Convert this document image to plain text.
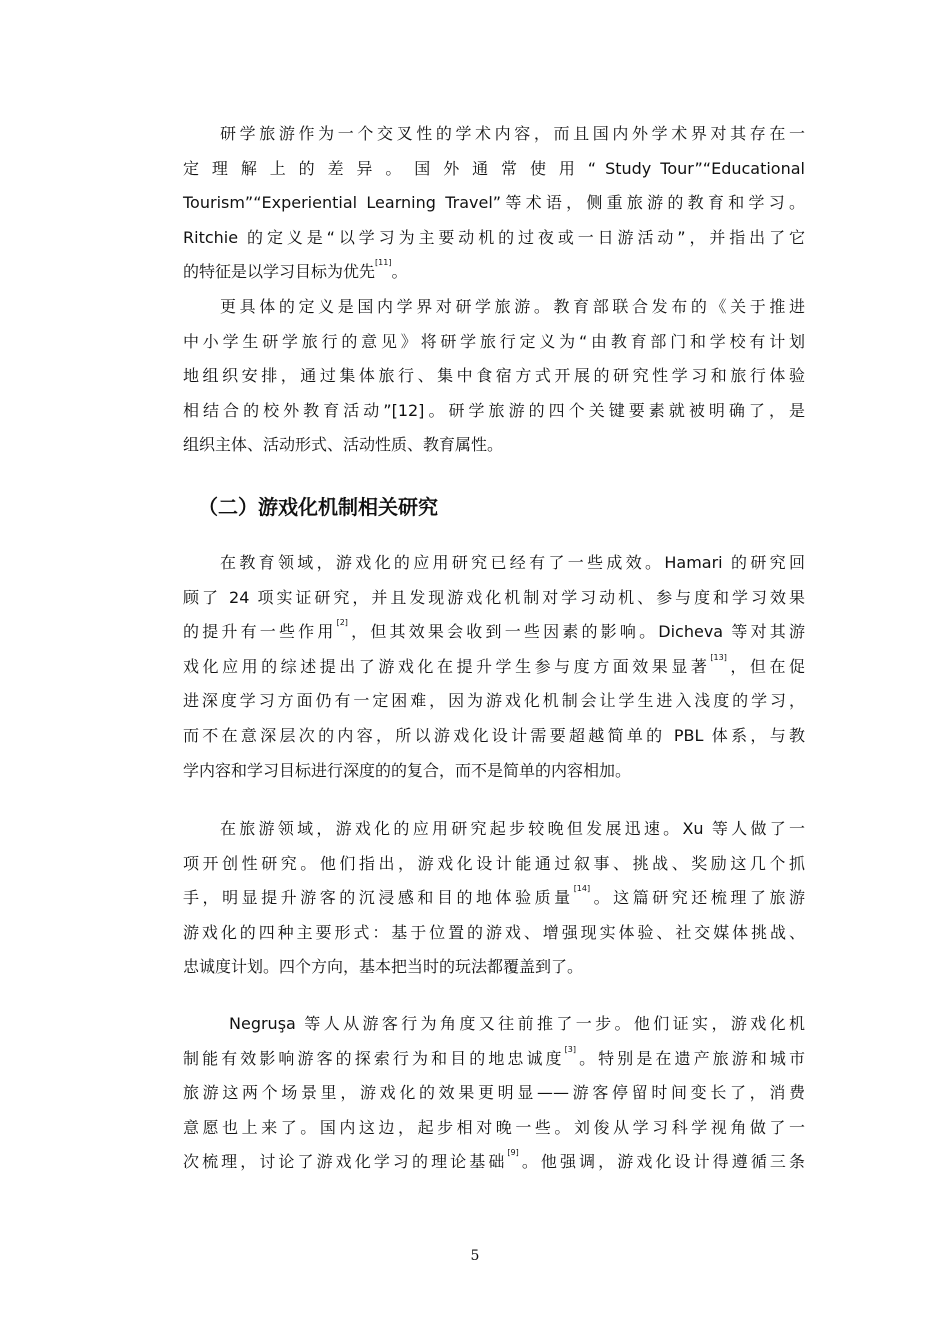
研学旅游作为一个交叉性的学术内容，而且国内外学术界对其存在一
定 理 解 上 的 差 异 。 国 外 通 常 使 用 “ Study Tour”“Educational
Tourism”“Experiential Learning Travel”等术语，侧重旅游的教育和学习。
Ritchie 的定义是“以学习为主要动机的过夜或一日游活动”，并指出了它
的特征是以学习目标为优先[11]。
更具体的定义是国内学界对研学旅游。教育部联合发布的《关于推进
中小学生研学旅行的意见》将研学旅行定义为“由教育部门和学校有计划
地组织安排，通过集体旅行、集中食宿方式开展的研究性学习和旅行体验
相结合的校外教育活动”[12]。研学旅游的四个关键要素就被明确了，是
组织主体、活动形式、活动性质、教育属性。
（二）游戏化机制相关研究
在教育领域，游戏化的应用研究已经有了一些成效。Hamari 的研究回
顾了 24 项实证研究，并且发现游戏化机制对学习动机、参与度和学习效果
的提升有一些作用[2]，但其效果会收到一些因素的影响。Dicheva 等对其游
戏化应用的综述提出了游戏化在提升学生参与度方面效果显著[13]，但在促
进深度学习方面仍有一定困难，因为游戏化机制会让学生进入浅度的学习，
而不在意深层次的内容，所以游戏化设计需要超越简单的 PBL 体系，与教
学内容和学习目标进行深度的的复合，而不是简单的内容相加。
在旅游领域，游戏化的应用研究起步较晚但发展迅速。Xu 等人做了一
项开创性研究。他们指出，游戏化设计能通过叙事、挑战、奖励这几个抓
手，明显提升游客的沉浸感和目的地体验质量[14]。这篇研究还梳理了旅游
游戏化的四种主要形式：基于位置的游戏、增强现实体验、社交媒体挑战、
忠诚度计划。四个方向，基本把当时的玩法都覆盖到了。
Negruşa 等人从游客行为角度又往前推了一步。他们证实，游戏化机
制能有效影响游客的探索行为和目的地忠诚度[3]。特别是在遗产旅游和城市
旅游这两个场景里，游戏化的效果更明显——游客停留时间变长了，消费
意愿也上来了。国内这边，起步相对晚一些。刘俊从学习科学视角做了一
次梳理，讨论了游戏化学习的理论基础[9]。他强调，游戏化设计得遵循三条
5
